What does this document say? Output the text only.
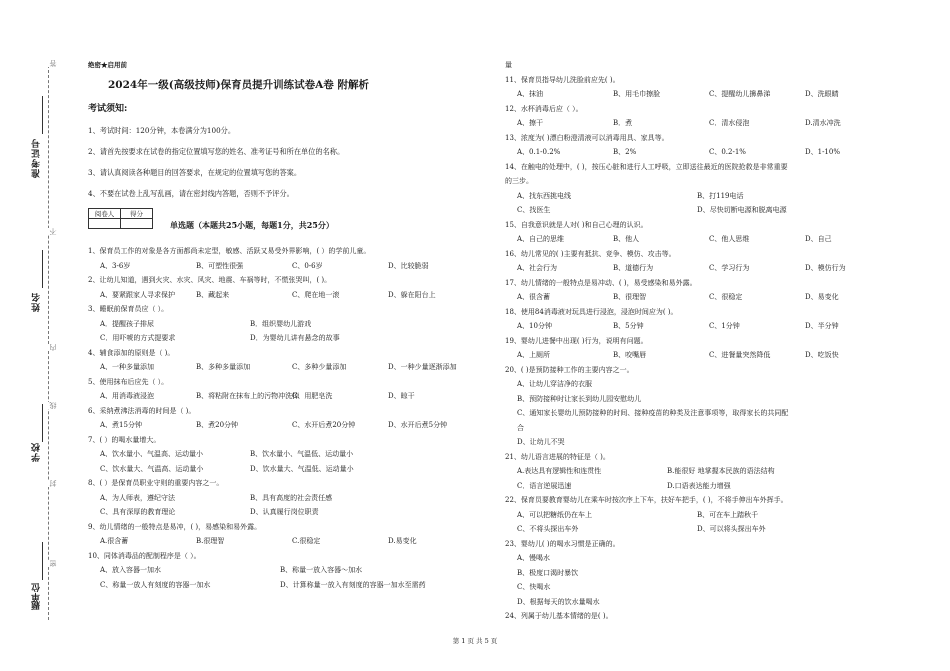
答
准考证号
不
姓名
内
线
学校
封
密
单位
题
绝密★启用前
2024年一级(高级技师)保育员提升训练试卷A卷 附解析
考试须知:
1、考试时间：120分钟，本卷满分为100分。
2、请首先按要求在试卷的指定位置填写您的姓名、准考证号和所在单位的名称。
3、请认真阅读各种题目的回答要求，在规定的位置填写您的答案。
4、不要在试卷上乱写乱画，请在密封线内答题，否则不予评分。
阅卷人	得分

单选题（本题共25小题，每题1分，共25分）
1、保育员工作的对象是各方面都尚未定型，敏感、活跃又易受外界影响，( ）的学前儿童。
A、3-6岁	B、可塑性很强	C、0-6岁	D、比较脆弱
2、让幼儿知道，遇到火灾、水灾、风灾、地震、车祸等时，不慌张哭叫，( )。
A、要紧跟家人寻求保护	B、藏起来	C、爬在地一滚	D、躲在阳台上
3、睡眠前保育员应（ ）。
A．提醒孩子排尿	B．组织婴幼儿游戏
C．用吓唬的方式提要求	D．为婴幼儿讲有悬念的故事
4、辅食添加的原则是（ )。
A、一种多量添加	B、多种多量添加	C、多种少量添加	D、一种少量逐渐添加
5、使用抹布后应先（ ）。
A、用消毒液浸泡	B、将粘附在抹布上的污物冲洗掉
C、用肥皂洗	D、晾干
6、采纳煮沸法消毒的时间是（ )。
A、煮15分钟	B、煮20分钟	C、水开后煮20分钟	D、水开后煮5分钟
7、( ）的喝水量增大。
A、饮水量小、气温高、运动量小	B、饮水量小、气温低、运动量小
C、饮水量大、气温高、运动量小	D、饮水量大、气温低、运动量小
8、( ）是保育员职业守则的重要内容之一。
A、为人师表，遵纪守法	B、具有高度的社会责任感
C、具有深厚的教育理论	D、认真履行岗位职责
9、幼儿情绪的一般特点是易冲，( )，易感染和易外露。
A.很含蓄	B.很理智	C.很稳定	D.易变化
10、同体消毒品的配制程序是（ ）。
A、放入容器一加水	B、称量一放入容器～加水
C、称量一放人有刻度的容器一加水	D、计算称量一放入有刻度的容器一加水至需药
量
11、保育员指导幼儿洗脸前应先( )。
A、抹油	B、用毛巾擦脸	C、提醒幼儿擤鼻涕	D、洗眼睛
12、水杯消毒后应（ ）。
A、擦干	B．煮	C．清水侵泡	D.清水冲洗
13、浓度为( )漂白粉澄清液可以消毒用具、家具等。
A、0.1-0.2%	B、2%	C、0.2-1%	D、1-10%
14、在触电的处理中，( )，按压心脏和进行人工呼吸，立即送往最近的医院抢救是非常重要
的三步。
A、找东西挑电线	B、打119电话
C、找医生	D、尽快切断电源和脱离电源
15、自我意识就是人对( )和自己心理的认识。
A、自己的思维	B、他人	C、他人思维	D、自己
16、幼儿常见的( )主要有抵抗、竞争、模仿、攻击等。
A、社会行为	B、道德行为	C、学习行为	D、模仿行为
17、幼儿情绪的一般特点是易冲动、( )，易受感染和易外露。
A、很含蓄	B、很理智	C、很稳定	D、易变化
18、使用84消毒液对玩具进行浸泡，浸泡时间应为( )。
A、10分钟	B、5分钟	C、1分钟	D、半分钟
19、婴幼儿进餐中出现( )行为，说明有问题。
A、上厕所	B、咬嘴唇	C、进餐量突然降低	D、吃饭快
20、( )是预防接种工作的主要内容之一。
A、让幼儿穿洁净的衣服
B、预防接种时让家长到幼儿园安慰幼儿
C、通知家长婴幼儿预防接种的时间、接种疫苗的种类及注意事项等，取得家长的共同配
合
D、让幼儿不哭
21、幼儿语言进展的特征是（ )。
A.表达具有逻辑性和连贯性	B.能很好 地掌握本民族的语法结构
C．语言逆展迅速	D.口语表达能力增强
22、保育员要教育婴幼儿在乘车时按次序上下车，扶好车把手，( )，不将手伸出车外挥手。
A、可以把糖纸仍在车上	B、可在车上踏秋千
C、不将头探出车外	D、可以将头探出车外
23、婴幼儿( )的喝水习惯是正确的。
A、慢喝水
B、极度口渴时暴饮
C、快喝水
D、根据每天的饮水量喝水
24、列属于幼儿基本情绪的是( )。
第 1 页 共 5 页
